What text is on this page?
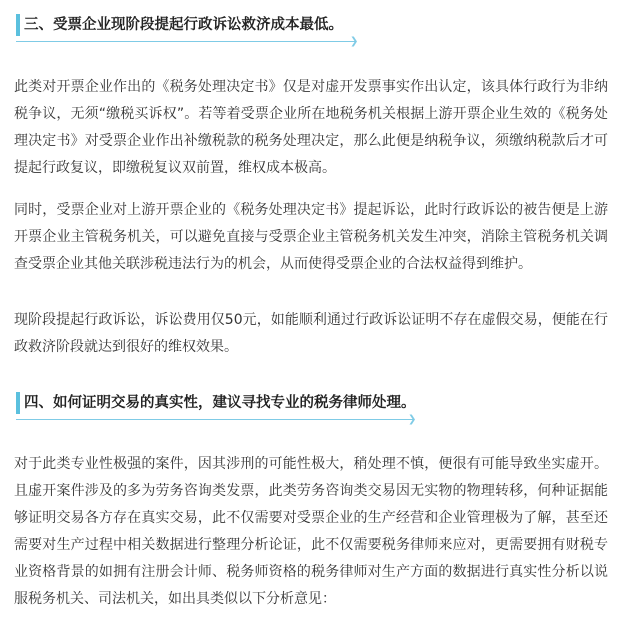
三、受票企业现阶段提起行政诉讼救济成本最低。
❯

此类对开票企业作出的《税务处理决定书》仅是对虚开发票事实作出认定，该具体行政行为非纳税争议，无须“缴税买诉权”。若等着受票企业所在地税务机关根据上游开票企业生效的《税务处理决定书》对受票企业作出补缴税款的税务处理决定，那么此便是纳税争议，须缴纳税款后才可提起行政复议，即缴税复议双前置，维权成本极高。

同时，受票企业对上游开票企业的《税务处理决定书》提起诉讼，此时行政诉讼的被告便是上游开票企业主管税务机关，可以避免直接与受票企业主管税务机关发生冲突，消除主管税务机关调查受票企业其他关联涉税违法行为的机会，从而使得受票企业的合法权益得到维护。

现阶段提起行政诉讼，诉讼费用仅50元，如能顺利通过行政诉讼证明不存在虚假交易，便能在行政救济阶段就达到很好的维权效果。

四、如何证明交易的真实性，建议寻找专业的税务律师处理。
❯

对于此类专业性极强的案件，因其涉刑的可能性极大，稍处理不慎，便很有可能导致坐实虚开。且虚开案件涉及的多为劳务咨询类发票，此类劳务咨询类交易因无实物的物理转移，何种证据能够证明交易各方存在真实交易，此不仅需要对受票企业的生产经营和企业管理极为了解，甚至还需要对生产过程中相关数据进行整理分析论证，此不仅需要税务律师来应对，更需要拥有财税专业资格背景的如拥有注册会计师、税务师资格的税务律师对生产方面的数据进行真实性分析以说服税务机关、司法机关，如出具类似以下分析意见：
